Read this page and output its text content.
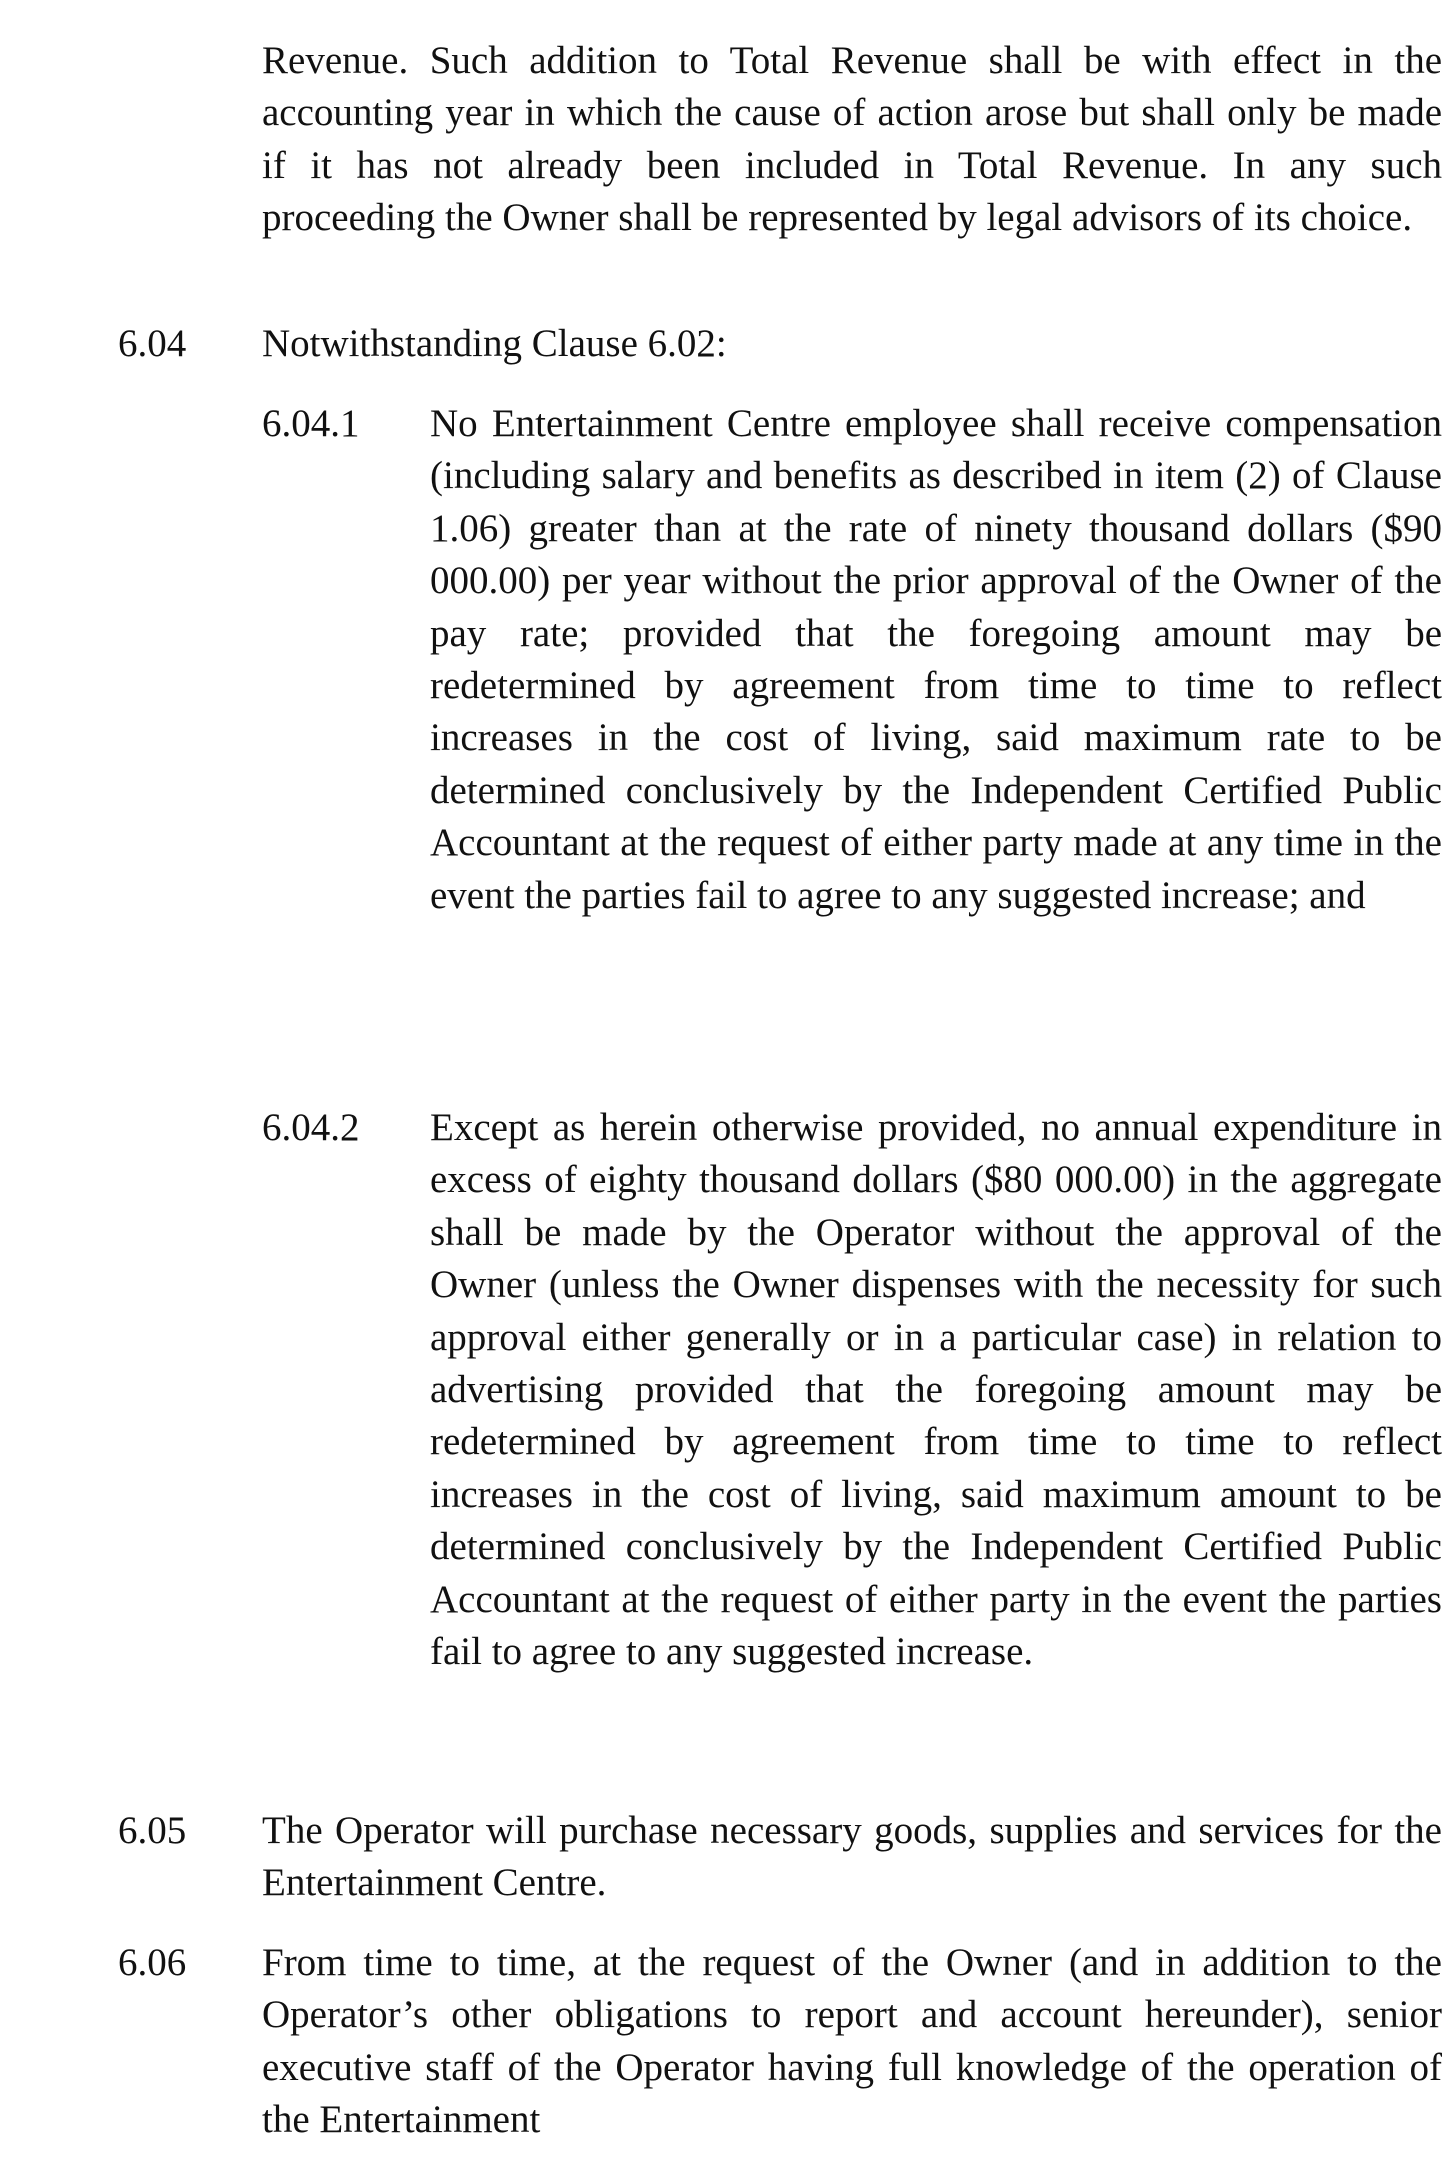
Revenue. Such addition to Total Revenue shall be with effect in the accounting year in which the cause of action arose but shall only be made if it has not already been included in Total Revenue. In any such proceeding the Owner shall be represented by legal advisors of its choice.
6.04 Notwithstanding Clause 6.02:
6.04.1 No Entertainment Centre employee shall receive compensation (including salary and benefits as described in item (2) of Clause 1.06) greater than at the rate of ninety thousand dollars ($90 000.00) per year without the prior approval of the Owner of the pay rate; provided that the foregoing amount may be redetermined by agreement from time to time to reflect increases in the cost of living, said maximum rate to be determined conclusively by the Independent Certified Public Accountant at the request of either party made at any time in the event the parties fail to agree to any suggested increase; and
6.04.2 Except as herein otherwise provided, no annual expenditure in excess of eighty thousand dollars ($80 000.00) in the aggregate shall be made by the Operator without the approval of the Owner (unless the Owner dispenses with the necessity for such approval either generally or in a particular case) in relation to advertising provided that the foregoing amount may be redetermined by agreement from time to time to reflect increases in the cost of living, said maximum amount to be determined conclusively by the Independent Certified Public Accountant at the request of either party in the event the parties fail to agree to any suggested increase.
6.05 The Operator will purchase necessary goods, supplies and services for the Entertainment Centre.
6.06 From time to time, at the request of the Owner (and in addition to the Operator’s other obligations to report and account hereunder), senior executive staff of the Operator having full knowledge of the operation of the Entertainment
